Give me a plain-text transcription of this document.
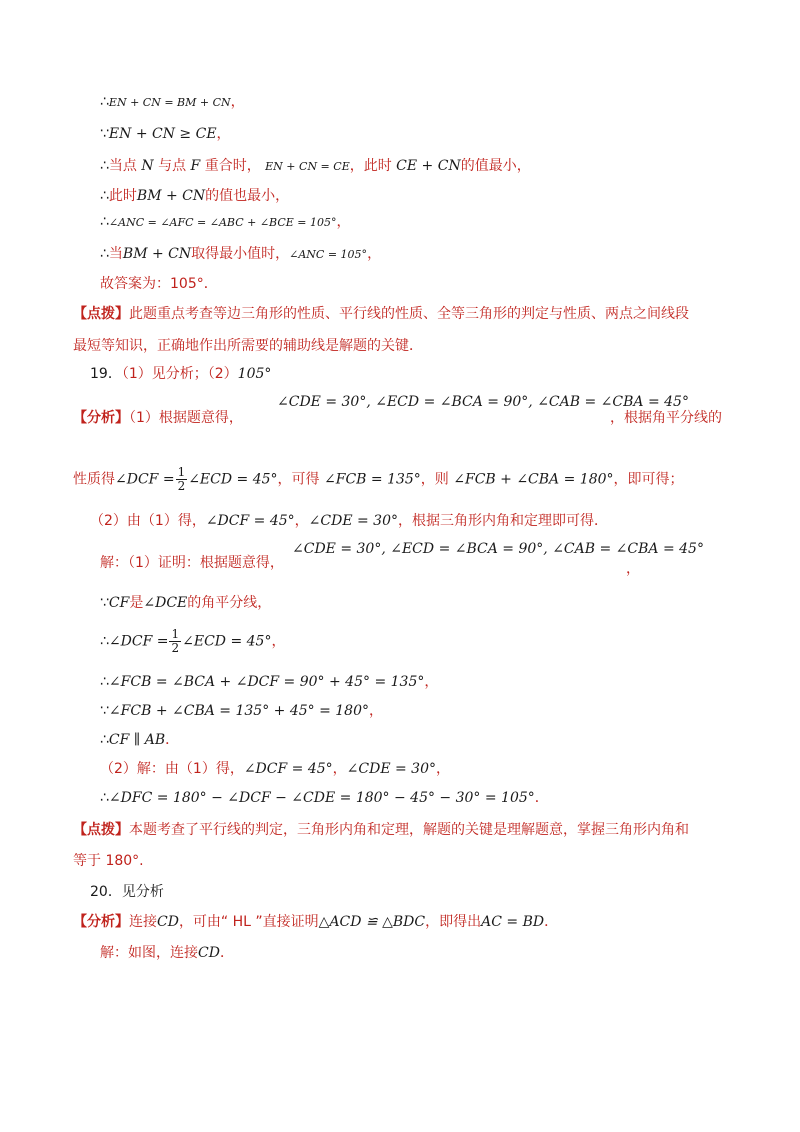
∴EN + CN = BM + CN，
∵EN + CN ≥ CE，
∴当点 N 与点 F 重合时， EN + CN = CE，此时 CE + CN的值最小，
∴此时BM + CN的值也最小，
∴∠ANC = ∠AFC = ∠ABC + ∠BCE = 105°，
∴当BM + CN取得最小值时，∠ANC = 105°，
故答案为：105°．
【点拨】此题重点考查等边三角形的性质、平行线的性质、全等三角形的判定与性质、两点之间线段
最短等知识，正确地作出所需要的辅助线是解题的关键．
19．（1）见分析；（2）105°
∠CDE = 30°, ∠ECD = ∠BCA = 90°, ∠CAB = ∠CBA = 45°
【分析】（1）根据题意得，	，根据角平分线的
性质得∠DCF = $\frac{1}{2}$ ∠ECD = 45°，可得 ∠FCB = 135°，则 ∠FCB + ∠CBA = 180°，即可得；
（2）由（1）得，∠DCF = 45°，∠CDE = 30°，根据三角形内角和定理即可得．
∠CDE = 30°, ∠ECD = ∠BCA = 90°, ∠CAB = ∠CBA = 45°
解：（1）证明：根据题意得，	，
∵CF是∠DCE的角平分线，
∴∠DCF = $\frac{1}{2}$ ∠ECD = 45°，
∴∠FCB = ∠BCA + ∠DCF = 90° + 45° = 135°，
∵∠FCB + ∠CBA = 135° + 45° = 180°，
∴CF ∥ AB．
（2）解：由（1）得，∠DCF = 45°，∠CDE = 30°，
∴∠DFC = 180° − ∠DCF − ∠CDE = 180° − 45° − 30° = 105°．
【点拨】本题考查了平行线的判定，三角形内角和定理，解题的关键是理解题意，掌握三角形内角和
等于 180°.
20．见分析
【分析】连接CD，可由“ HL ”直接证明△ACD ≌ △BDC，即得出AC = BD．
解：如图，连接CD．
